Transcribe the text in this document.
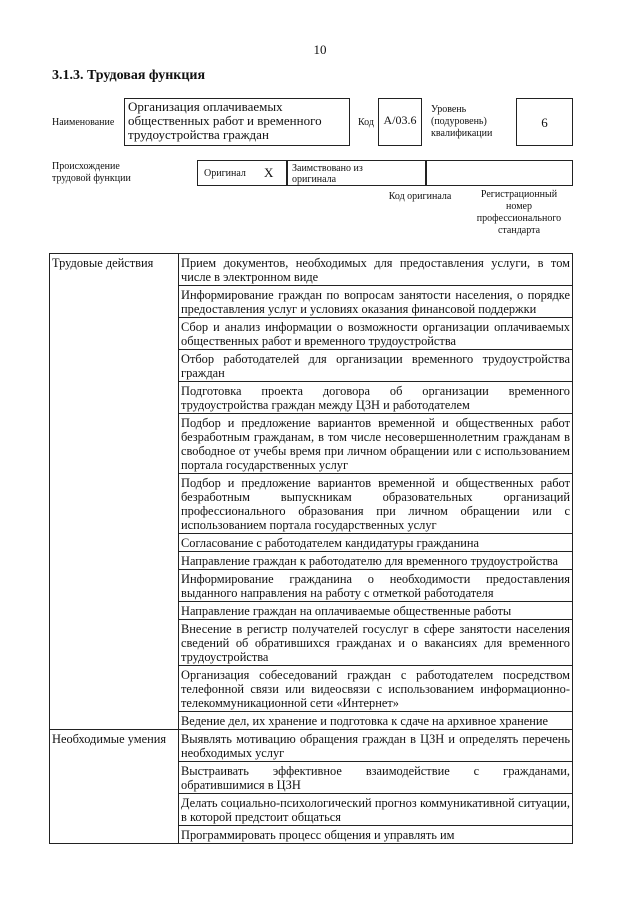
10
3.1.3. Трудовая функция
Наименование
Организация оплачиваемых общественных работ и временного трудоустройства граждан
Код A/03.6
Уровень
(подуровень)
квалификации
6
Происхождение
трудовой функции	Оригинал X Заимствовано из
оригинала
Код оригинала	Регистрационный
номер
профессионального
стандарта
Трудовые действия	Прием документов, необходимых для предоставления услуги, в том числе в электронном виде
	Информирование граждан по вопросам занятости населения, о порядке предоставления услуг и условиях оказания финансовой поддержки
	Сбор и анализ информации о возможности организации оплачиваемых общественных работ и временного трудоустройства
	Отбор работодателей для организации временного трудоустройства граждан
	Подготовка проекта договора об организации временного трудоустройства граждан между ЦЗН и работодателем
	Подбор и предложение вариантов временной и общественных работ безработным гражданам, в том числе несовершеннолетним гражданам в свободное от учебы время при личном обращении или с использованием портала государственных услуг
	Подбор и предложение вариантов временной и общественных работ безработным выпускникам образовательных организаций профессионального образования при личном обращении или с использованием портала государственных услуг
	Согласование с работодателем кандидатуры гражданина
	Направление граждан к работодателю для временного трудоустройства
	Информирование гражданина о необходимости предоставления выданного направления на работу с отметкой работодателя
	Направление граждан на оплачиваемые общественные работы
	Внесение в регистр получателей госуслуг в сфере занятости населения сведений об обратившихся гражданах и о вакансиях для временного трудоустройства
	Организация собеседований граждан с работодателем посредством телефонной связи или видеосвязи с использованием информационно-телекоммуникационной сети «Интернет»
	Ведение дел, их хранение и подготовка к сдаче на архивное хранение
Необходимые умения	Выявлять мотивацию обращения граждан в ЦЗН и определять перечень необходимых услуг
	Выстраивать эффективное взаимодействие с гражданами, обратившимися в ЦЗН
	Делать социально-психологический прогноз коммуникативной ситуации, в которой предстоит общаться
	Программировать процесс общения и управлять им
